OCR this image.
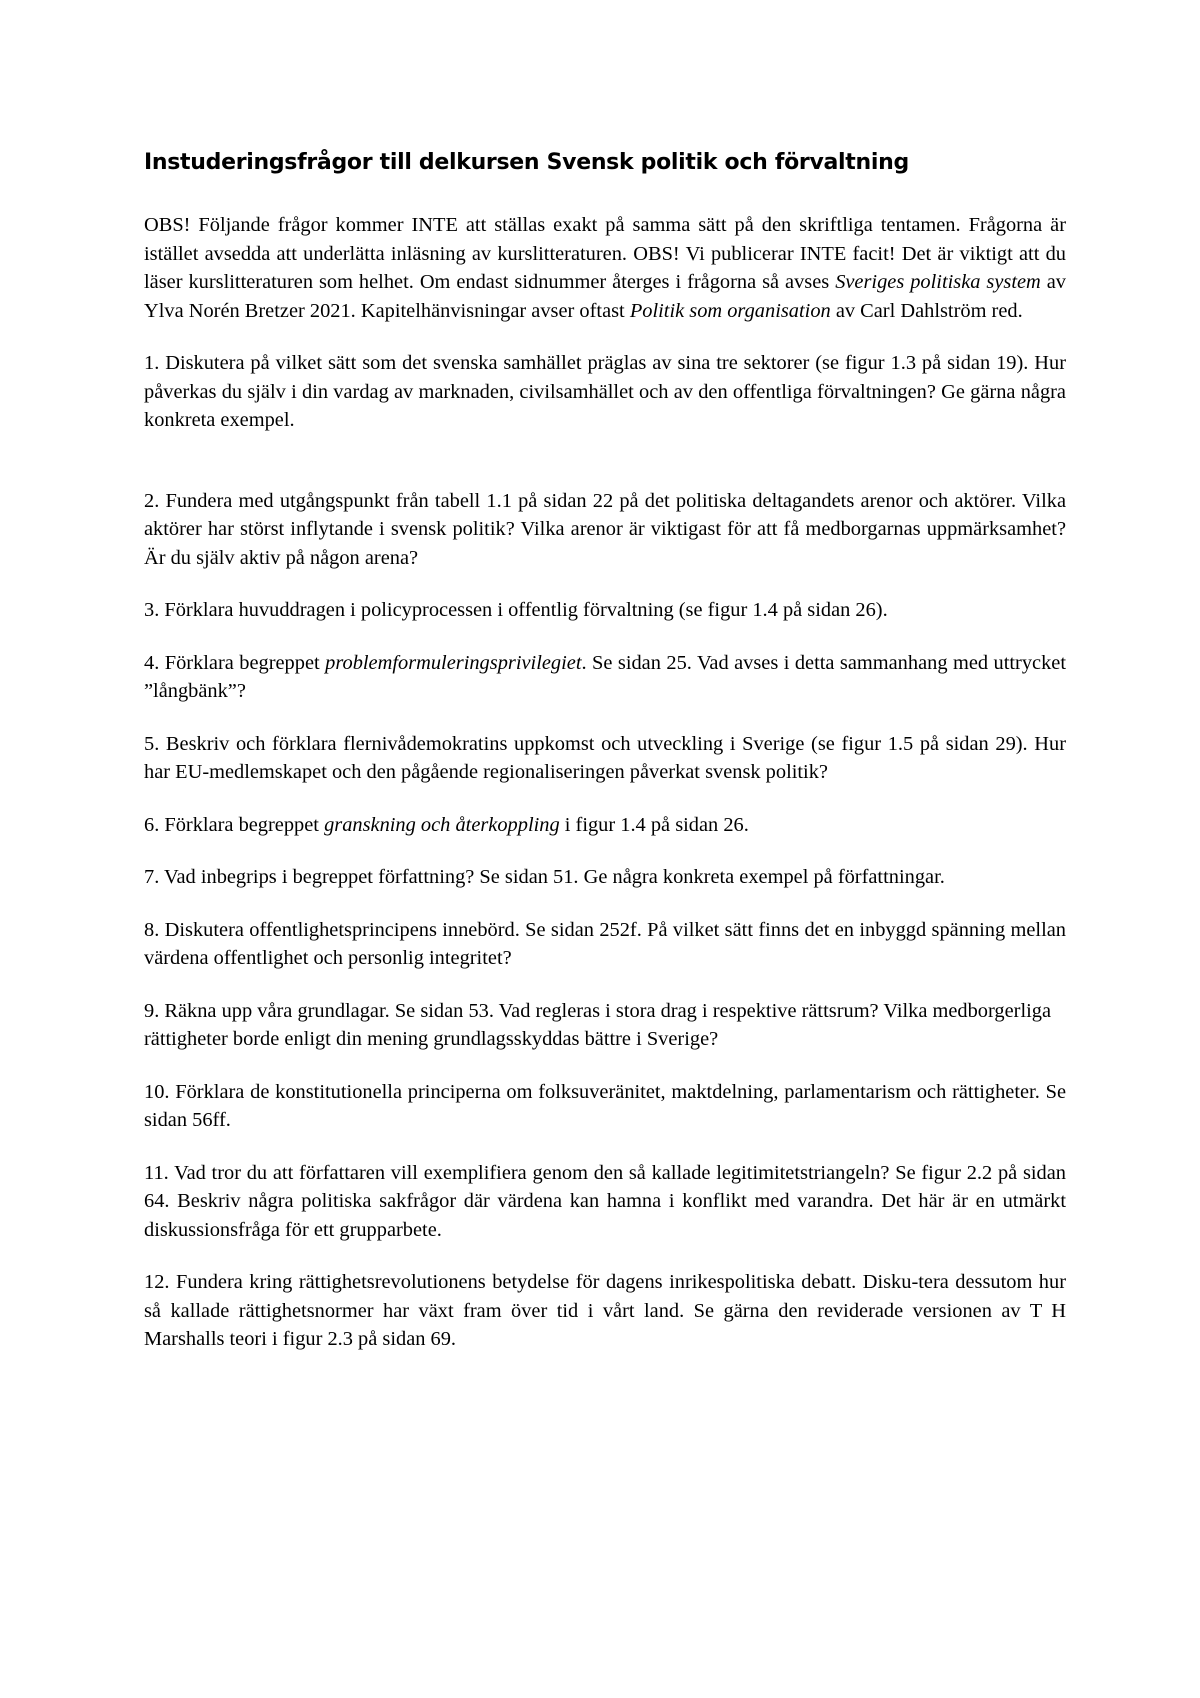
Instuderingsfrågor till delkursen Svensk politik och förvaltning

OBS! Följande frågor kommer INTE att ställas exakt på samma sätt på den skriftliga tentamen. Frågorna är istället avsedda att underlätta inläsning av kurslitteraturen. OBS! Vi publicerar INTE facit! Det är viktigt att du läser kurslitteraturen som helhet. Om endast sidnummer återges i frågorna så avses Sveriges politiska system av Ylva Norén Bretzer 2021. Kapitelhänvisningar avser oftast Politik som organisation av Carl Dahlström red.

1. Diskutera på vilket sätt som det svenska samhället präglas av sina tre sektorer (se figur 1.3 på sidan 19). Hur påverkas du själv i din vardag av marknaden, civilsamhället och av den offentliga förvaltningen? Ge gärna några konkreta exempel.

2. Fundera med utgångspunkt från tabell 1.1 på sidan 22 på det politiska deltagandets arenor och aktörer. Vilka aktörer har störst inflytande i svensk politik? Vilka arenor är viktigast för att få medborgarnas uppmärksamhet? Är du själv aktiv på någon arena?

3. Förklara huvuddragen i policyprocessen i offentlig förvaltning (se figur 1.4 på sidan 26).

4. Förklara begreppet problemformuleringsprivilegiet. Se sidan 25. Vad avses i detta sammanhang med uttrycket ”långbänk”?

5. Beskriv och förklara flernivådemokratins uppkomst och utveckling i Sverige (se figur 1.5 på sidan 29). Hur har EU-medlemskapet och den pågående regionaliseringen påverkat svensk politik?

6. Förklara begreppet granskning och återkoppling i figur 1.4 på sidan 26.

7. Vad inbegrips i begreppet författning? Se sidan 51. Ge några konkreta exempel på författningar.

8. Diskutera offentlighetsprincipens innebörd. Se sidan 252f. På vilket sätt finns det en inbyggd spänning mellan värdena offentlighet och personlig integritet?

9. Räkna upp våra grundlagar. Se sidan 53. Vad regleras i stora drag i respektive rättsrum? Vilka medborgerliga rättigheter borde enligt din mening grundlagsskyddas bättre i Sverige?

10. Förklara de konstitutionella principerna om folksuveränitet, maktdelning, parlamentarism och rättigheter. Se sidan 56ff.

11. Vad tror du att författaren vill exemplifiera genom den så kallade legitimitetstriangeln? Se figur 2.2 på sidan 64. Beskriv några politiska sakfrågor där värdena kan hamna i konflikt med varandra. Det här är en utmärkt diskussionsfråga för ett grupparbete.

12. Fundera kring rättighetsrevolutionens betydelse för dagens inrikespolitiska debatt. Disku-tera dessutom hur så kallade rättighetsnormer har växt fram över tid i vårt land. Se gärna den reviderade versionen av T H Marshalls teori i figur 2.3 på sidan 69.
